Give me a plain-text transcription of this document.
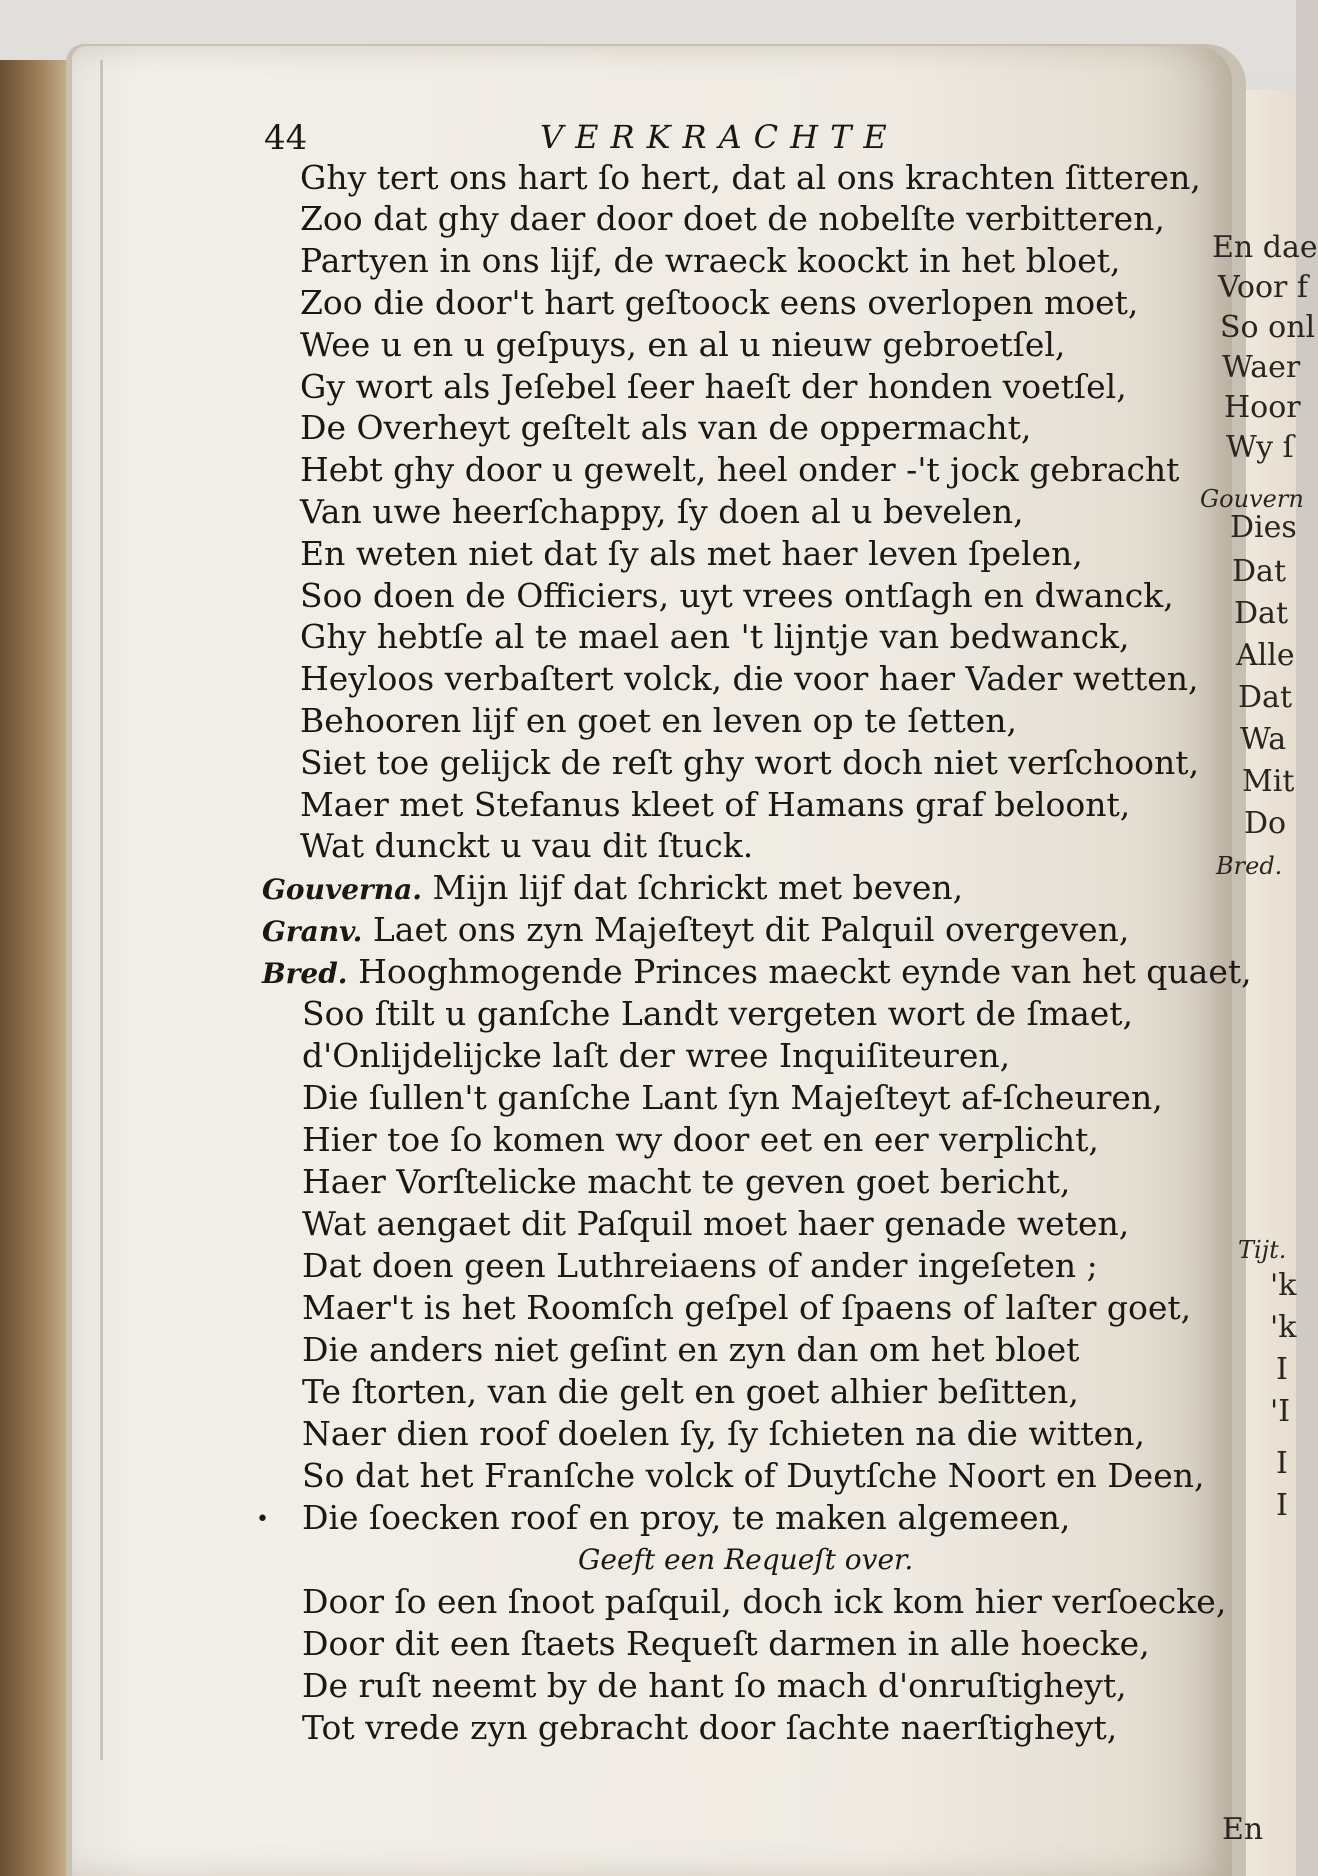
44	VERKRACHTE
Ghy tert ons hart ſo hert, dat al ons krachten ſitteren,
Zoo dat ghy daer door doet de nobelſte verbitteren,
Partyen in ons lijf, de wraeck koockt in het bloet,
Zoo die door't hart geſtoock eens overlopen moet,
Wee u en u geſpuys, en al u nieuw gebroetſel,
Gy wort als Jeſebel ſeer haeſt der honden voetſel,
De Overheyt geſtelt als van de oppermacht,
Hebt ghy door u gewelt, heel onder -'t jock gebracht
Van uwe heerſchappy, ſy doen al u bevelen,
En weten niet dat ſy als met haer leven ſpelen,
Soo doen de Officiers, uyt vrees ontſagh en dwanck,
Ghy hebtſe al te mael aen 't lijntje van bedwanck,
Heyloos verbaſtert volck, die voor haer Vader wetten,
Behooren lijf en goet en leven op te ſetten,
Siet toe gelijck de reſt ghy wort doch niet verſchoont,
Maer met Stefanus kleet of Hamans graf beloont,
Wat dunckt u vau dit ſtuck.
Gouverna. Mijn lijf dat ſchrickt met beven,
Granv. Laet ons zyn Majeſteyt dit Palquil overgeven,
Bred. Hooghmogende Princes maeckt eynde van het quaet,
Soo ſtilt u ganſche Landt vergeten wort de ſmaet,
d'Onlijdelijcke laſt der wree Inquiſiteuren,
Die ſullen't ganſche Lant ſyn Majeſteyt af-ſcheuren,
Hier toe ſo komen wy door eet en eer verplicht,
Haer Vorſtelicke macht te geven goet bericht,
Wat aengaet dit Paſquil moet haer genade weten,
Dat doen geen Luthreiaens of ander ingeſeten ;
Maer't is het Roomſch geſpel of ſpaens of laſter goet,
Die anders niet geſint en zyn dan om het bloet
Te ſtorten, van die gelt en goet alhier beſitten,
Naer dien roof doelen ſy, ſy ſchieten na die witten,
•
So dat het Franſche volck of Duytſche Noort en Deen,
Die ſoecken roof en proy, te maken algemeen,
Geeft een Requeſt over.
Door ſo een ſnoot paſquil, doch ick kom hier verſoecke,
Door dit een ſtaets Requeſt darmen in alle hoecke,
De ruſt neemt by de hant ſo mach d'onruſtigheyt,
Tot vrede zyn gebracht door ſachte naerſtigheyt,
En dae
Voor f
So onl
Waer
Hoor
Wy ſ
Gouvern
Dies
Dat
Dat
Alle
Dat
Wa
Mit
Do
Bred.
Tijt.
'k
'k
I
'I
I
I
En
